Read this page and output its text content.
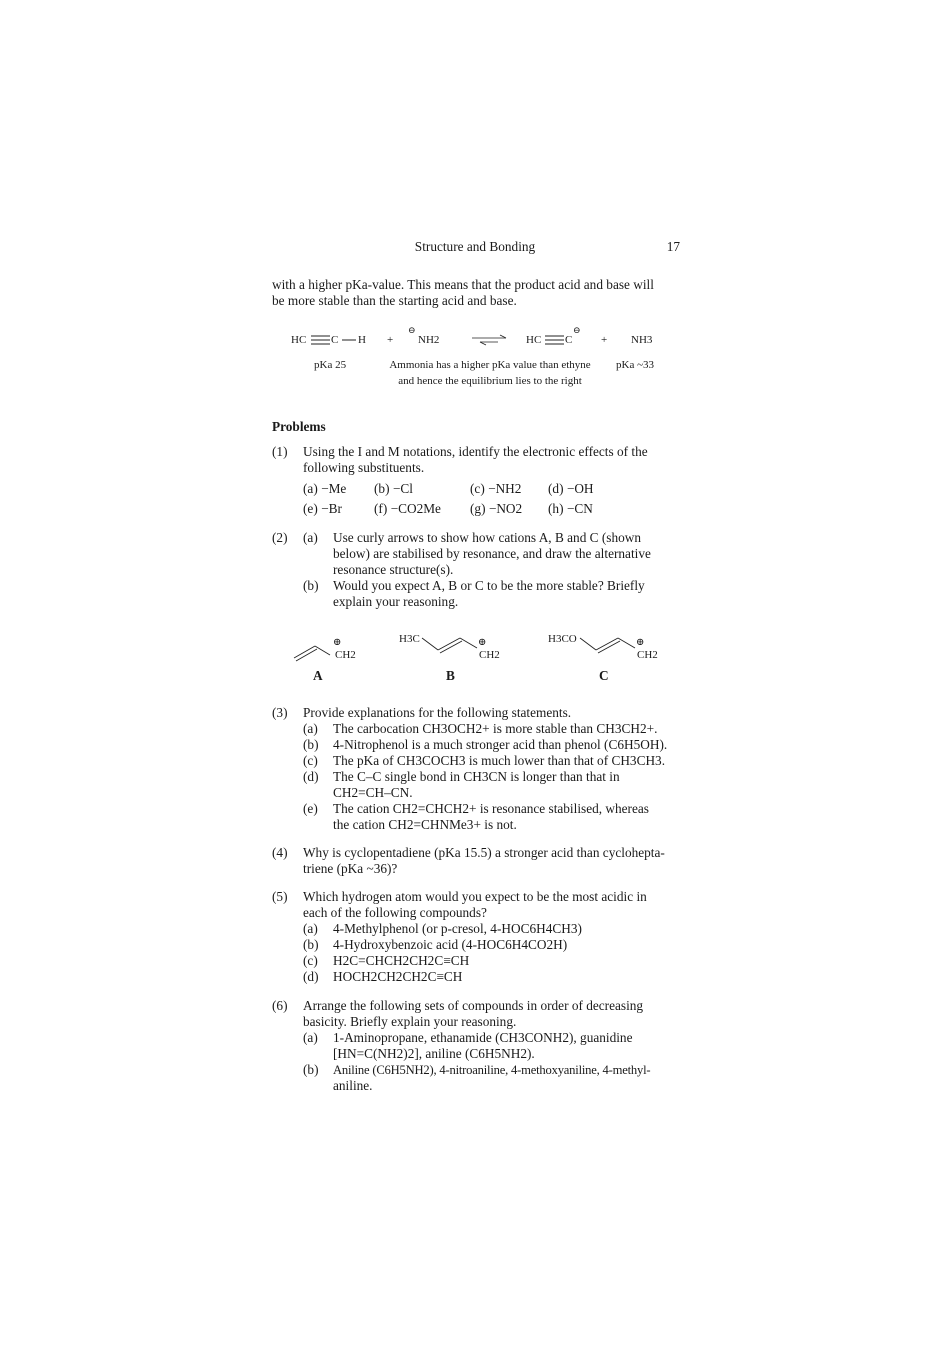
Structure and Bonding	17
with a higher pKa-value. This means that the product acid and base will
be more stable than the starting acid and base.
HC C H +
⊖
NH2 ⇌ HC C
⊖
+ NH3
pKa 25	Ammonia has a higher pKa value than ethyne
and hence the equilibrium lies to the right
pKa ~33
Problems
(1) Using the I and M notations, identify the electronic effects of the
following substituents.
(a) −Me (b) −Cl	(c) −NH2 (d) −OH
(e) −Br (f) −CO2Me (g) −NO2 (h) −CN
(2) (a) Use curly arrows to show how cations A, B and C (shown
below) are stabilised by resonance, and draw the alternative
resonance structure(s).
(b) Would you expect A, B or C to be the more stable? Briefly
explain your reasoning.
⊕
CH2
A
H3C	⊕
CH2
B
H3CO	⊕
CH2
C
(3) Provide explanations for the following statements.
(a) The carbocation CH3OCH2+ is more stable than CH3CH2+.
(b) 4-Nitrophenol is a much stronger acid than phenol (C6H5OH).
(c) The pKa of CH3COCH3 is much lower than that of CH3CH3.
(d) The C–C single bond in CH3CN is longer than that in
CH2=CH–CN.
(e) The cation CH2=CHCH2+ is resonance stabilised, whereas
the cation CH2=CHNMe3+ is not.
(4) Why is cyclopentadiene (pKa 15.5) a stronger acid than cyclohepta-
triene (pKa ~36)?
(5) Which hydrogen atom would you expect to be the most acidic in
each of the following compounds?
(a) 4-Methylphenol (or p-cresol, 4-HOC6H4CH3)
(b) 4-Hydroxybenzoic acid (4-HOC6H4CO2H)
(c) H2C=CHCH2CH2C≡CH
(d) HOCH2CH2CH2C≡CH
(6) Arrange the following sets of compounds in order of decreasing
basicity. Briefly explain your reasoning.
(a) 1-Aminopropane, ethanamide (CH3CONH2), guanidine
[HN=C(NH2)2], aniline (C6H5NH2).
(b) Aniline (C6H5NH2), 4-nitroaniline, 4-methoxyaniline, 4-methyl-
aniline.
